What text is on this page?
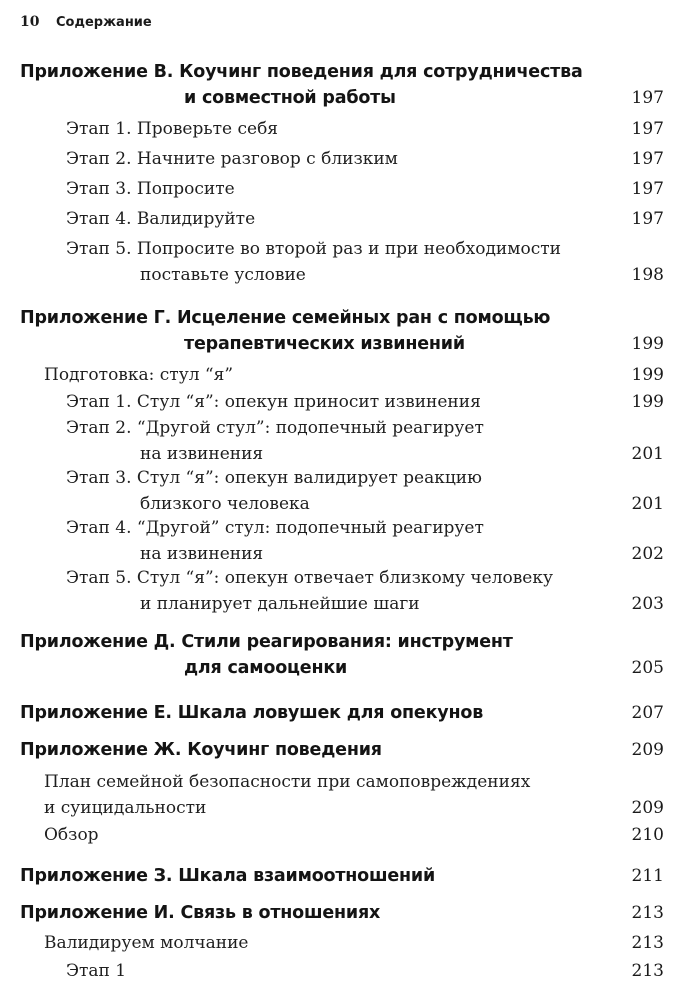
10 Содержание
Приложение В. Коучинг поведения для сотрудничества
и совместной работы	197
Этап 1. Проверьте себя	197
Этап 2. Начните разговор с близким	197
Этап 3. Попросите	197
Этап 4. Валидируйте	197
Этап 5. Попросите во второй раз и при необходимости
поставьте условие	198
Приложение Г. Исцеление семейных ран с помощью
терапевтических извинений	199
Подготовка: стул “я”	199
Этап 1. Стул “я”: опекун приносит извинения	199
Этап 2. “Другой стул”: подопечный реагирует
на извинения	201
Этап 3. Стул “я”: опекун валидирует реакцию
близкого человека	201
Этап 4. “Другой” стул: подопечный реагирует
на извинения	202
Этап 5. Стул “я”: опекун отвечает близкому человеку
и планирует дальнейшие шаги	203
Приложение Д. Стили реагирования: инструмент
для самооценки	205
Приложение Е. Шкала ловушек для опекунов	207
Приложение Ж. Коучинг поведения	209
План семейной безопасности при самоповреждениях
и суицидальности	209
Обзор	210
Приложение З. Шкала взаимоотношений	211
Приложение И. Связь в отношениях	213
Валидируем молчание	213
Этап 1	213
